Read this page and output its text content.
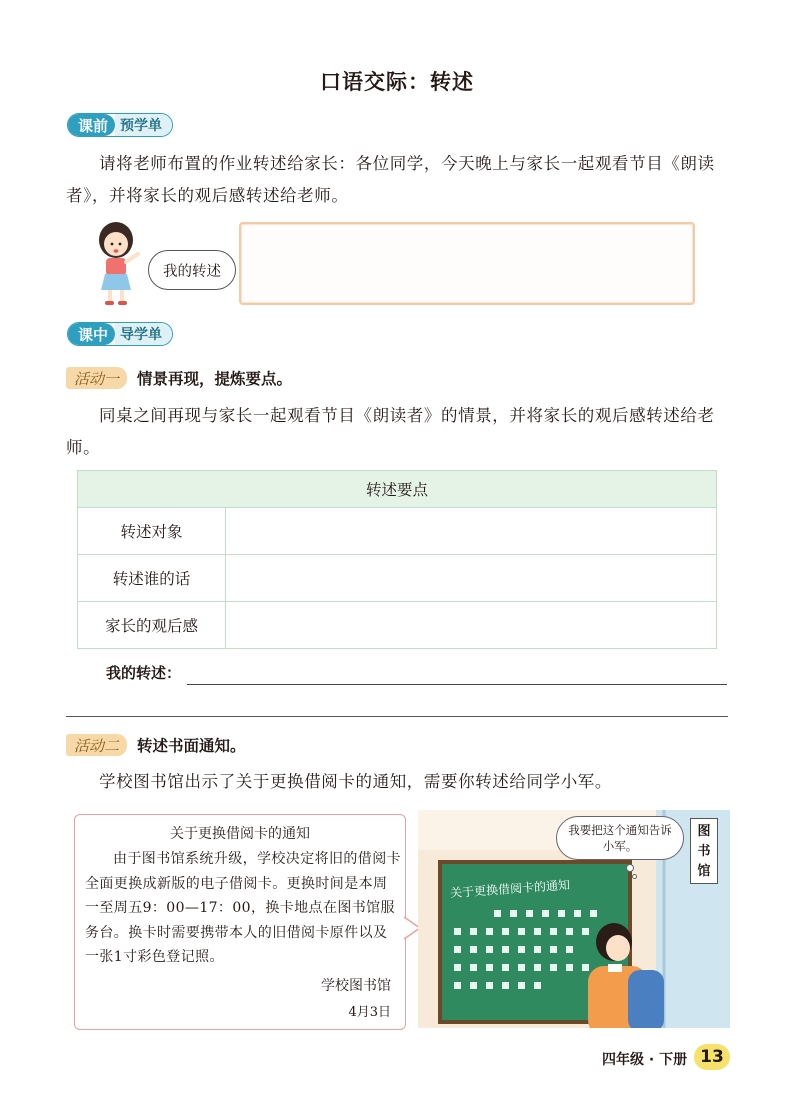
口语交际：转述
课前 预学单
请将老师布置的作业转述给家长：各位同学，今天晚上与家长一起观看节目《朗读者》，并将家长的观后感转述给老师。
我的转述
课中 导学单
活动一	情景再现，提炼要点。
同桌之间再现与家长一起观看节目《朗读者》的情景，并将家长的观后感转述给老师。
转述要点	
转述对象	
转述谁的话	
家长的观后感	
我的转述：
活动二	转述书面通知。
学校图书馆出示了关于更换借阅卡的通知，需要你转述给同学小军。
关于更换借阅卡的通知
由于图书馆系统升级，学校决定将旧的借阅卡全面更换成新版的电子借阅卡。更换时间是本周一至周五9：00—17：00，换卡地点在图书馆服务台。换卡时需要携带本人的旧借阅卡原件以及一张1寸彩色登记照。
学校图书馆
4月3日
关于更换借阅卡的通知
我要把这个通知告诉小军。
图
书
馆
四年级 · 下册 13
